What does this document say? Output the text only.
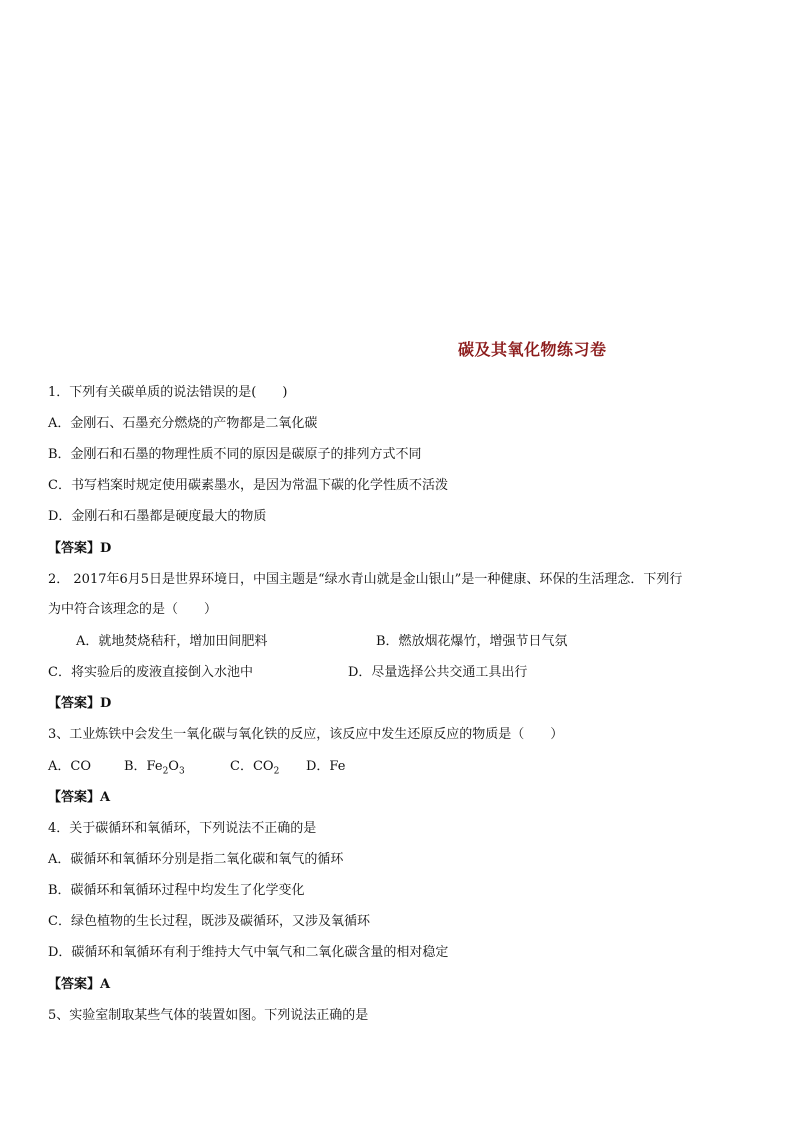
碳及其氧化物练习卷
1．下列有关碳单质的说法错误的是(　　)
A．金刚石、石墨充分燃烧的产物都是二氧化碳
B．金刚石和石墨的物理性质不同的原因是碳原子的排列方式不同
C．书写档案时规定使用碳素墨水，是因为常温下碳的化学性质不活泼
D．金刚石和石墨都是硬度最大的物质
【答案】D
2． 2017年6月5日是世界环境日，中国主题是“绿水青山就是金山银山”是一种健康、环保的生活理念．下列行
为中符合该理念的是（　　）
A．就地焚烧秸秆，增加田间肥料	B．燃放烟花爆竹，增强节日气氛
C．将实验后的废液直接倒入水池中	D．尽量选择公共交通工具出行
【答案】D
3、工业炼铁中会发生一氧化碳与氧化铁的反应，该反应中发生还原反应的物质是（　　）
A．CO	B．$Fe_2O_3$	C．$CO_2$ D．Fe
【答案】A
4．关于碳循环和氧循环，下列说法不正确的是
A．碳循环和氧循环分别是指二氧化碳和氧气的循环
B．碳循环和氧循环过程中均发生了化学变化
C．绿色植物的生长过程，既涉及碳循环，又涉及氧循环
D．碳循环和氧循环有利于维持大气中氧气和二氧化碳含量的相对稳定
【答案】A
5、实验室制取某些气体的装置如图。下列说法正确的是
